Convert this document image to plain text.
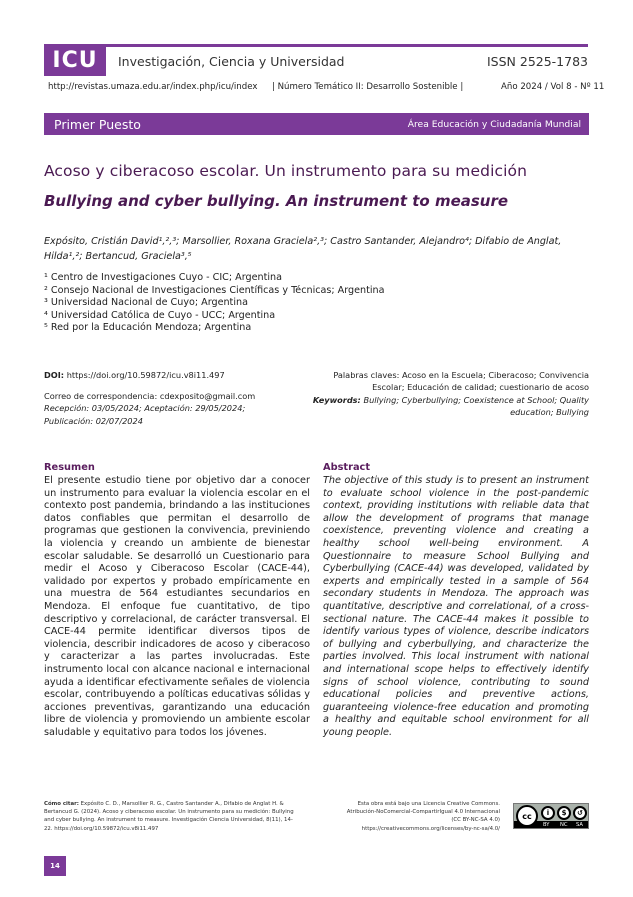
ICU	Investigación, Ciencia y Universidad	ISSN 2525-1783
http://revistas.umaza.edu.ar/index.php/icu/index | Número Temático II: Desarrollo Sostenible |	Año 2024 / Vol 8 - Nº 11
Primer Puesto	Área Educación y Ciudadanía Mundial
Acoso y ciberacoso escolar. Un instrumento para su medición
Bullying and cyber bullying. An instrument to measure
Expósito, Cristián David¹,²,³; Marsollier, Roxana Graciela²,³; Castro Santander, Alejandro⁴; Difabio de Anglat, Hilda¹,²; Bertancud, Graciela³,⁵
¹ Centro de Investigaciones Cuyo - CIC; Argentina
² Consejo Nacional de Investigaciones Científicas y Técnicas; Argentina
³ Universidad Nacional de Cuyo; Argentina
⁴ Universidad Católica de Cuyo - UCC; Argentina
⁵ Red por la Educación Mendoza; Argentina
DOI: https://doi.org/10.59872/icu.v8i11.497
Correo de correspondencia: cdexposito@gmail.com
Recepción: 03/05/2024; Aceptación: 29/05/2024;
Publicación: 02/07/2024
Palabras claves: Acoso en la Escuela; Ciberacoso; Convivencia Escolar; Educación de calidad; cuestionario de acoso
Keywords: Bullying; Cyberbullying; Coexistence at School; Quality education; Bullying
Resumen

El presente estudio tiene por objetivo dar a conocer un instrumento para evaluar la violencia escolar en el contexto post pandemia, brindando a las instituciones datos confiables que permitan el desarrollo de programas que gestionen la convivencia, previniendo la violencia y creando un ambiente de bienestar escolar saludable. Se desarrolló un Cuestionario para medir el Acoso y Ciberacoso Escolar (CACE-44), validado por expertos y probado empíricamente en una muestra de 564 estudiantes secundarios en Mendoza. El enfoque fue cuantitativo, de tipo descriptivo y correlacional, de carácter transversal. El CACE-44 permite identificar diversos tipos de violencia, describir indicadores de acoso y ciberacoso y caracterizar a las partes involucradas. Este instrumento local con alcance nacional e internacional ayuda a identificar efectivamente señales de violencia escolar, contribuyendo a políticas educativas sólidas y acciones preventivas, garantizando una educación libre de violencia y promoviendo un ambiente escolar saludable y equitativo para todos los jóvenes.

Abstract

The objective of this study is to present an instrument to evaluate school violence in the post-pandemic context, providing institutions with reliable data that allow the development of programs that manage coexistence, preventing violence and creating a healthy school well-being environment. A Questionnaire to measure School Bullying and Cyberbullying (CACE-44) was developed, validated by experts and empirically tested in a sample of 564 secondary students in Mendoza. The approach was quantitative, descriptive and correlational, of a cross-sectional nature. The CACE-44 makes it possible to identify various types of violence, describe indicators of bullying and cyberbullying, and characterize the parties involved. This local instrument with national and international scope helps to effectively identify signs of school violence, contributing to sound educational policies and preventive actions, guaranteeing violence-free education and promoting a healthy and equitable school environment for all young people.

Cómo citar: Expósito C. D., Marsollier R. G., Castro Santander A., Difabio de Anglat H. & Bertancud G. (2024). Acoso y ciberacoso escolar. Un instrumento para su medición: Bullying and cyber bullying. An instrument to measure. Investigación Ciencia Universidad, 8(11), 14-22. https://doi.org/10.59872/icu.v8i11.497
Esta obra está bajo una Licencia Creative Commons.
Atribución-NoComercial-CompartirIgual 4.0 Internacional
(CC BY-NC-SA 4.0)
https://creativecommons.org/licenses/by-nc-sa/4.0/
cc	i	$	↺
BY NC SA
14
